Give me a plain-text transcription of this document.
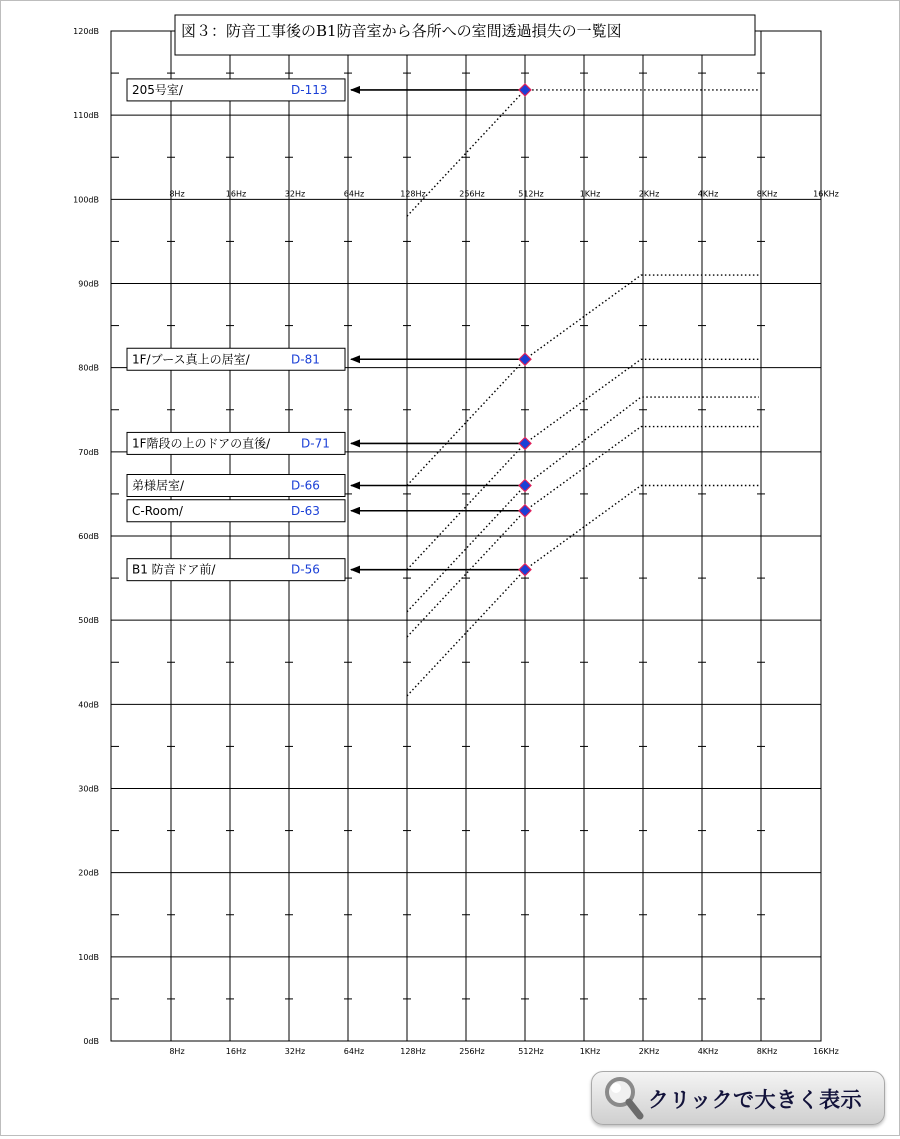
0dB
10dB
20dB
30dB
40dB
50dB
60dB
70dB
80dB
90dB
100dB
110dB
120dB
8Hz
8Hz
16Hz
16Hz
32Hz
32Hz
64Hz
64Hz
128Hz
128Hz
256Hz
256Hz
512Hz
512Hz
1KHz
1KHz
2KHz
2KHz
4KHz
4KHz
8KHz
8KHz
16KHz
16KHz
205号室/	D-113
1F/ブース真上の居室/	D-81
1F階段の上のドアの直後/	D-71
弟様居室/	D-66
C-Room/	D-63
B1 防音ドア前/	D-56
図３：防音工事後のB1防音室から各所への室間透過損失の一覧図
クリックで大きく表示
